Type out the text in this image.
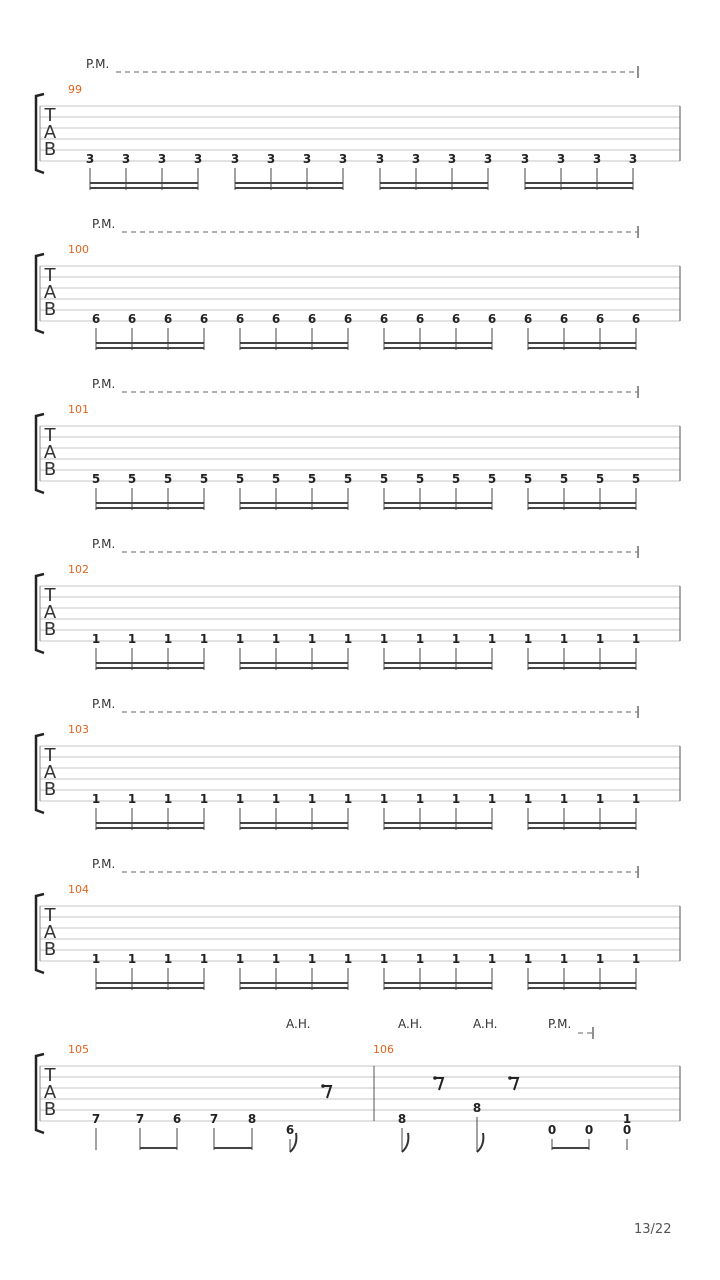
T
A
B
P.M.
99
3 3 3 3 3 3 3 3 3 3 3 3 3 3 3 3
T
A
B
P.M.
100
6 6 6 6 6 6 6 6 6 6 6 6 6 6 6 6
T
A
B
P.M.
101
5 5 5 5 5 5 5 5 5 5 5 5 5 5 5 5
T
A
B
P.M.
102
1 1 1 1 1 1 1 1 1 1 1 1 1 1 1 1
T
A
B
P.M.
103
1 1 1 1 1 1 1 1 1 1 1 1 1 1 1 1
T
A
B
P.M.
104
1 1 1 1 1 1 1 1 1 1 1 1 1 1 1 1
T
A
B
105	106
A.H.	A.H.	A.H.	P.M.
7	7 6 7 8
6
8
8
0 0
1
0
13/22
